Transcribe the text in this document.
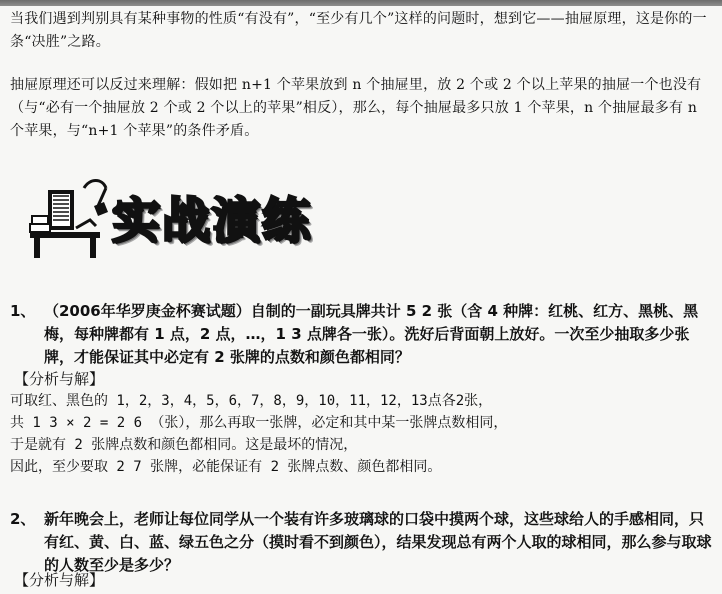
当我们遇到判别具有某种事物的性质“有没有”，“至少有几个”这样的问题时，想到它——抽屉原理，这是你的一条“决胜”之路。
抽屉原理还可以反过来理解：假如把 n+1 个苹果放到 n 个抽屉里，放 2 个或 2 个以上苹果的抽屉一个也没有（与“必有一个抽屉放 2 个或 2 个以上的苹果”相反），那么，每个抽屉最多只放 1 个苹果，n 个抽屉最多有 n 个苹果，与“n+1 个苹果”的条件矛盾。
实战演练
1、 （2006年华罗庚金杯赛试题）自制的一副玩具牌共计 5 2 张（含 4 种牌：红桃、红方、黑桃、黑梅，每种牌都有 1 点，2 点，…，1 3 点牌各一张）。洗好后背面朝上放好。一次至少抽取多少张牌，才能保证其中必定有 2 张牌的点数和颜色都相同？
【分析与解】
可取红、黑色的 1，2，3，4，5，6，7，8，9，10，11，12，13点各2张，
共 1 3 × 2 = 2 6 （张），那么再取一张牌，必定和其中某一张牌点数相同，
于是就有 2 张牌点数和颜色都相同。这是最坏的情况，
因此，至少要取 2 7 张牌，必能保证有 2 张牌点数、颜色都相同。
2、 新年晚会上，老师让每位同学从一个装有许多玻璃球的口袋中摸两个球，这些球给人的手感相同，只有红、黄、白、蓝、绿五色之分（摸时看不到颜色），结果发现总有两个人取的球相同，那么参与取球的人数至少是多少？
【分析与解】
